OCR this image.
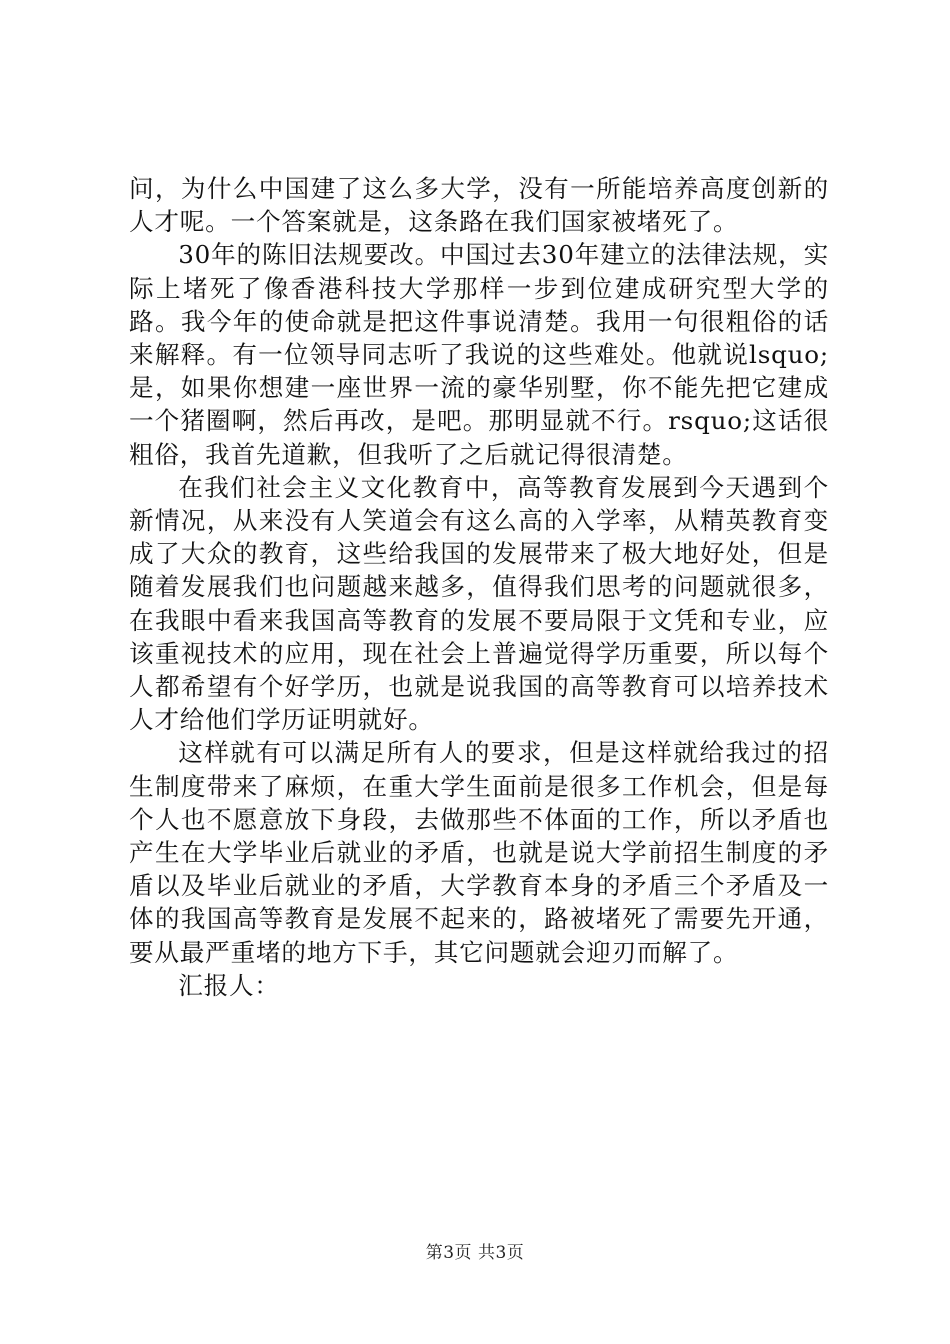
问，为什么中国建了这么多大学，没有一所能培养高度创新的人才呢。一个答案就是，这条路在我们国家被堵死了。

30年的陈旧法规要改。中国过去30年建立的法律法规，实际上堵死了像香港科技大学那样一步到位建成研究型大学的路。我今年的使命就是把这件事说清楚。我用一句很粗俗的话来解释。有一位领导同志听了我说的这些难处。他就说lsquo;是，如果你想建一座世界一流的豪华别墅，你不能先把它建成一个猪圈啊，然后再改，是吧。那明显就不行。rsquo;这话很粗俗，我首先道歉，但我听了之后就记得很清楚。

在我们社会主义文化教育中，高等教育发展到今天遇到个新情况，从来没有人笑道会有这么高的入学率，从精英教育变成了大众的教育，这些给我国的发展带来了极大地好处，但是随着发展我们也问题越来越多，值得我们思考的问题就很多，在我眼中看来我国高等教育的发展不要局限于文凭和专业，应该重视技术的应用，现在社会上普遍觉得学历重要，所以每个人都希望有个好学历，也就是说我国的高等教育可以培养技术人才给他们学历证明就好。

这样就有可以满足所有人的要求，但是这样就给我过的招生制度带来了麻烦，在重大学生面前是很多工作机会，但是每个人也不愿意放下身段，去做那些不体面的工作，所以矛盾也产生在大学毕业后就业的矛盾，也就是说大学前招生制度的矛盾以及毕业后就业的矛盾，大学教育本身的矛盾三个矛盾及一体的我国高等教育是发展不起来的，路被堵死了需要先开通，要从最严重堵的地方下手，其它问题就会迎刃而解了。

汇报人：

第3页 共3页
